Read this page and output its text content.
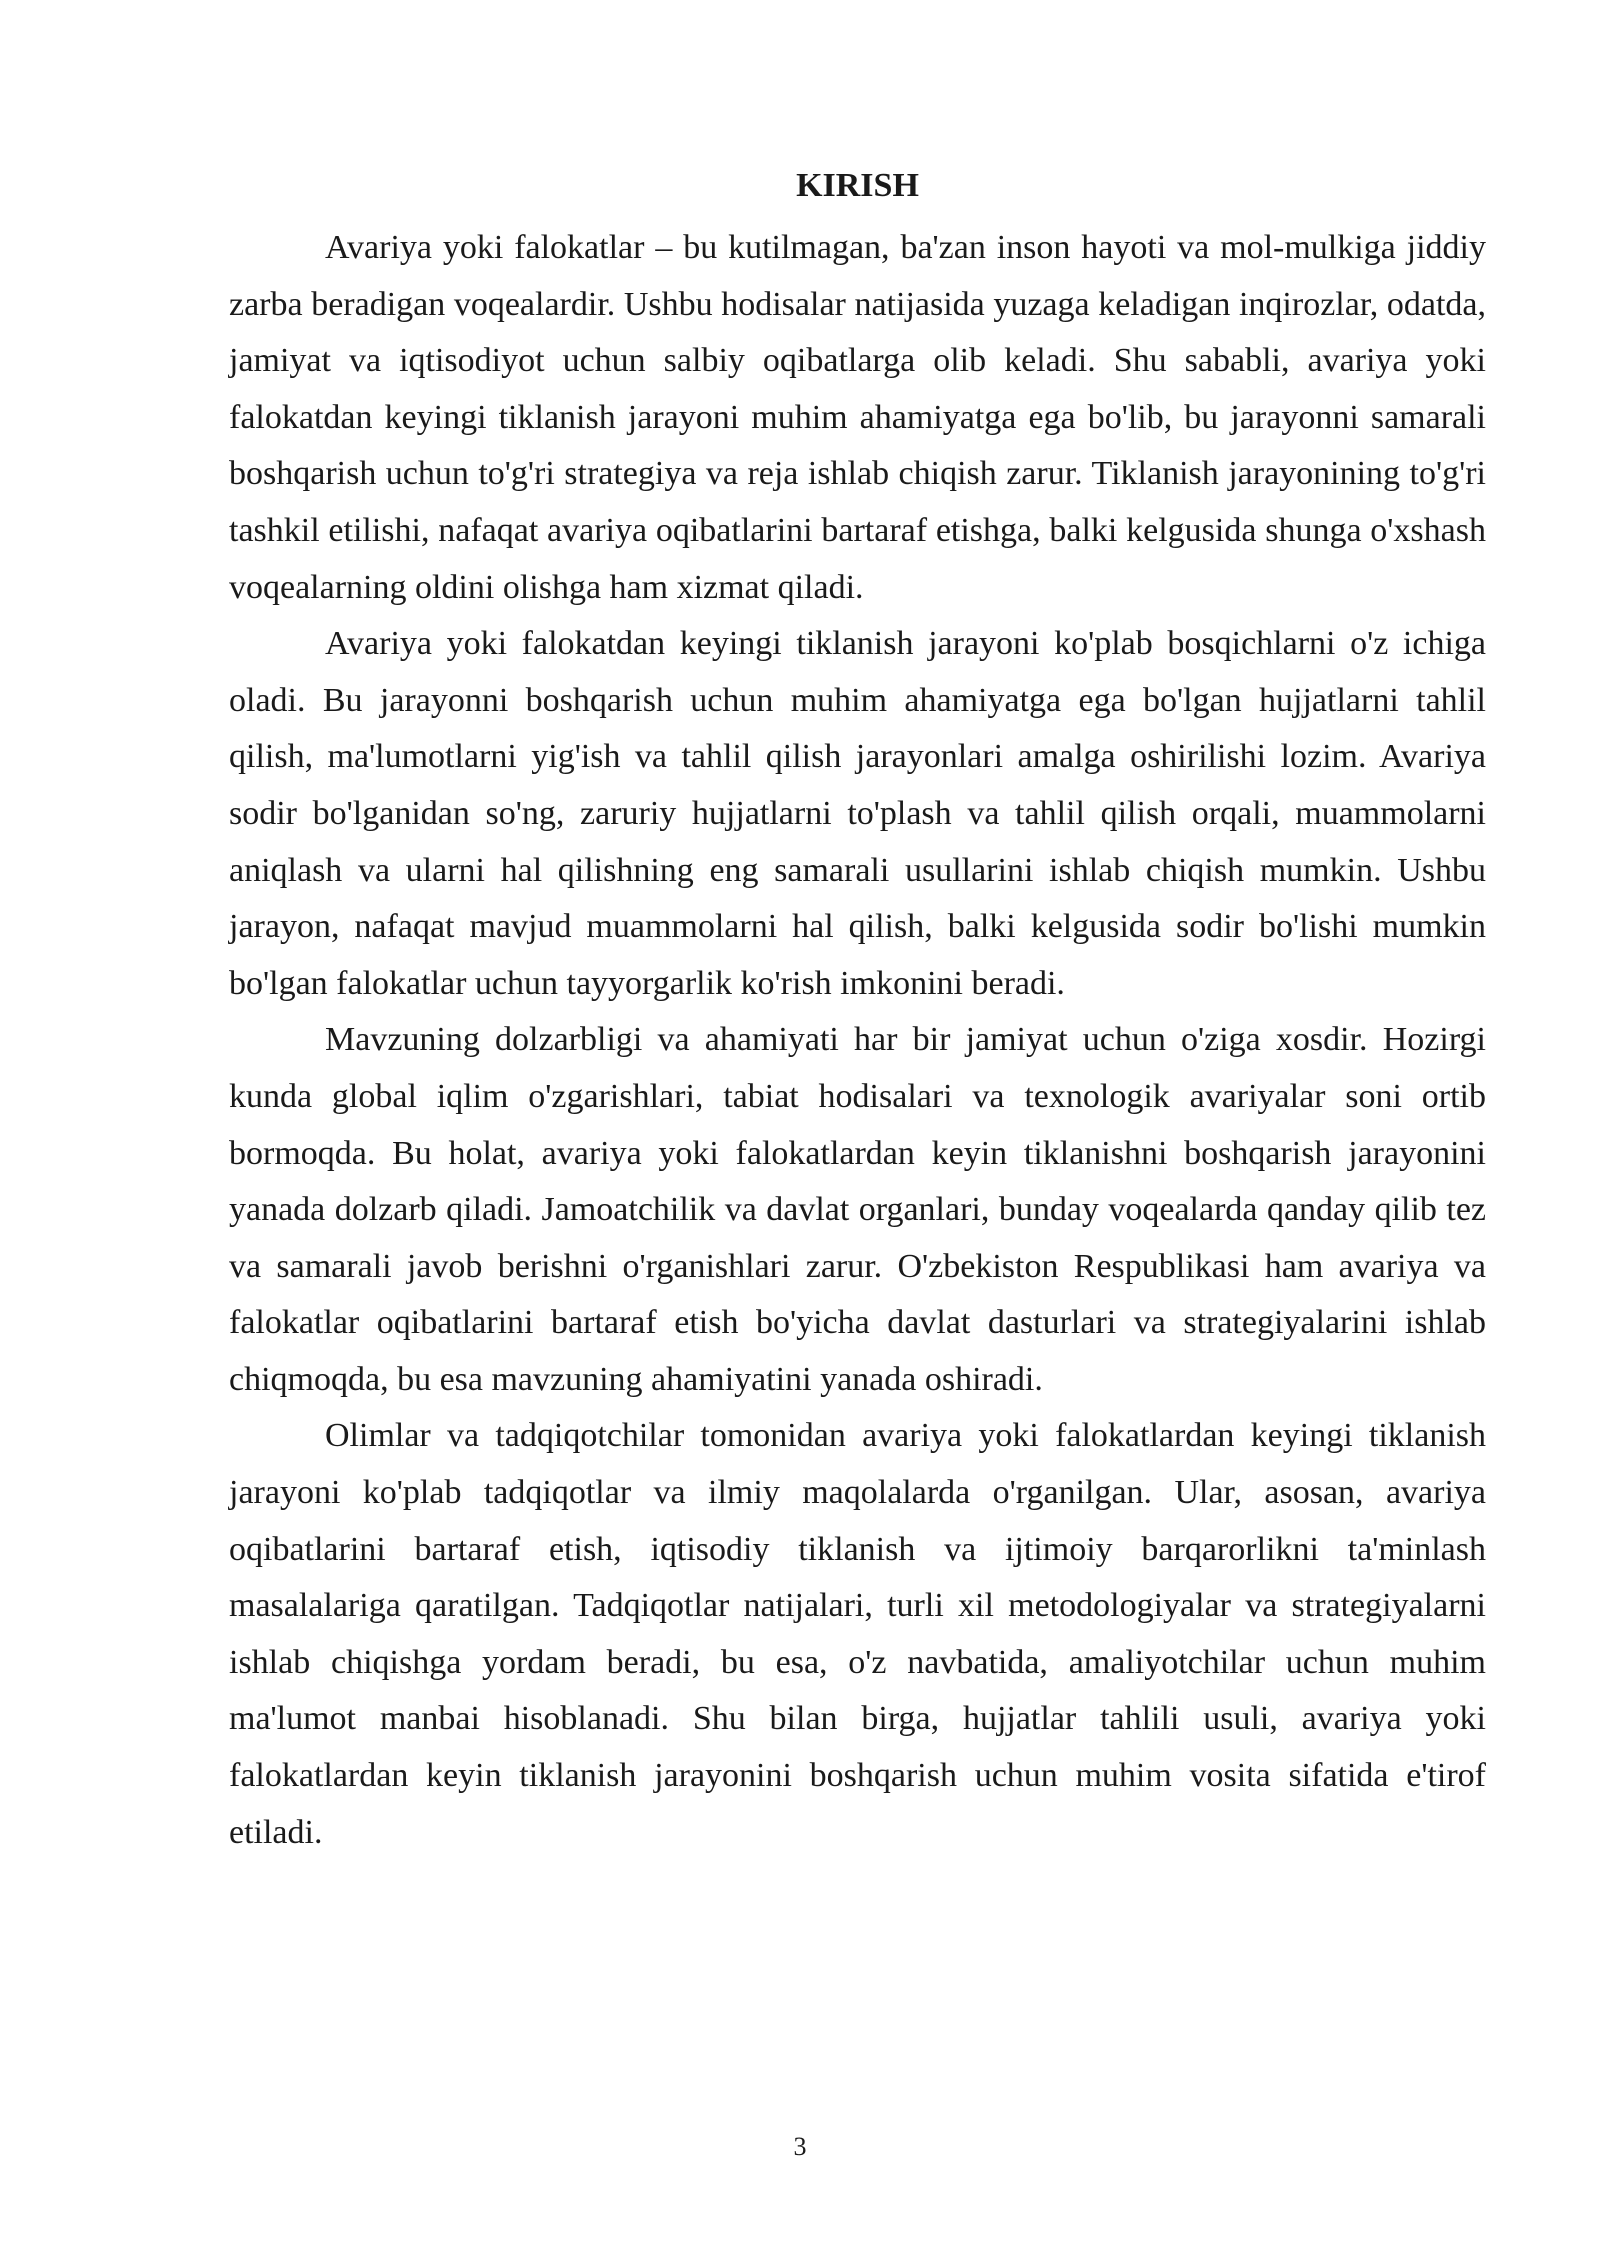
KIRISH

Avariya yoki falokatlar – bu kutilmagan, ba'zan inson hayoti va mol-mulkiga jiddiy zarba beradigan voqealardir. Ushbu hodisalar natijasida yuzaga keladigan inqirozlar, odatda, jamiyat va iqtisodiyot uchun salbiy oqibatlarga olib keladi. Shu sababli, avariya yoki falokatdan keyingi tiklanish jarayoni muhim ahamiyatga ega bo'lib, bu jarayonni samarali boshqarish uchun to'g'ri strategiya va reja ishlab chiqish zarur. Tiklanish jarayonining to'g'ri tashkil etilishi, nafaqat avariya oqibatlarini bartaraf etishga, balki kelgusida shunga o'xshash voqealarning oldini olishga ham xizmat qiladi.

Avariya yoki falokatdan keyingi tiklanish jarayoni ko'plab bosqichlarni o'z ichiga oladi. Bu jarayonni boshqarish uchun muhim ahamiyatga ega bo'lgan hujjatlarni tahlil qilish, ma'lumotlarni yig'ish va tahlil qilish jarayonlari amalga oshirilishi lozim. Avariya sodir bo'lganidan so'ng, zaruriy hujjatlarni to'plash va tahlil qilish orqali, muammolarni aniqlash va ularni hal qilishning eng samarali usullarini ishlab chiqish mumkin. Ushbu jarayon, nafaqat mavjud muammolarni hal qilish, balki kelgusida sodir bo'lishi mumkin bo'lgan falokatlar uchun tayyorgarlik ko'rish imkonini beradi.

Mavzuning dolzarbligi va ahamiyati har bir jamiyat uchun o'ziga xosdir. Hozirgi kunda global iqlim o'zgarishlari, tabiat hodisalari va texnologik avariyalar soni ortib bormoqda. Bu holat, avariya yoki falokatlardan keyin tiklanishni boshqarish jarayonini yanada dolzarb qiladi. Jamoatchilik va davlat organlari, bunday voqealarda qanday qilib tez va samarali javob berishni o'rganishlari zarur. O'zbekiston Respublikasi ham avariya va falokatlar oqibatlarini bartaraf etish bo'yicha davlat dasturlari va strategiyalarini ishlab chiqmoqda, bu esa mavzuning ahamiyatini yanada oshiradi.

Olimlar va tadqiqotchilar tomonidan avariya yoki falokatlardan keyingi tiklanish jarayoni ko'plab tadqiqotlar va ilmiy maqolalarda o'rganilgan. Ular, asosan, avariya oqibatlarini bartaraf etish, iqtisodiy tiklanish va ijtimoiy barqarorlikni ta'minlash masalalariga qaratilgan. Tadqiqotlar natijalari, turli xil metodologiyalar va strategiyalarni ishlab chiqishga yordam beradi, bu esa, o'z navbatida, amaliyotchilar uchun muhim ma'lumot manbai hisoblanadi. Shu bilan birga, hujjatlar tahlili usuli, avariya yoki falokatlardan keyin tiklanish jarayonini boshqarish uchun muhim vosita sifatida e'tirof etiladi.

3
